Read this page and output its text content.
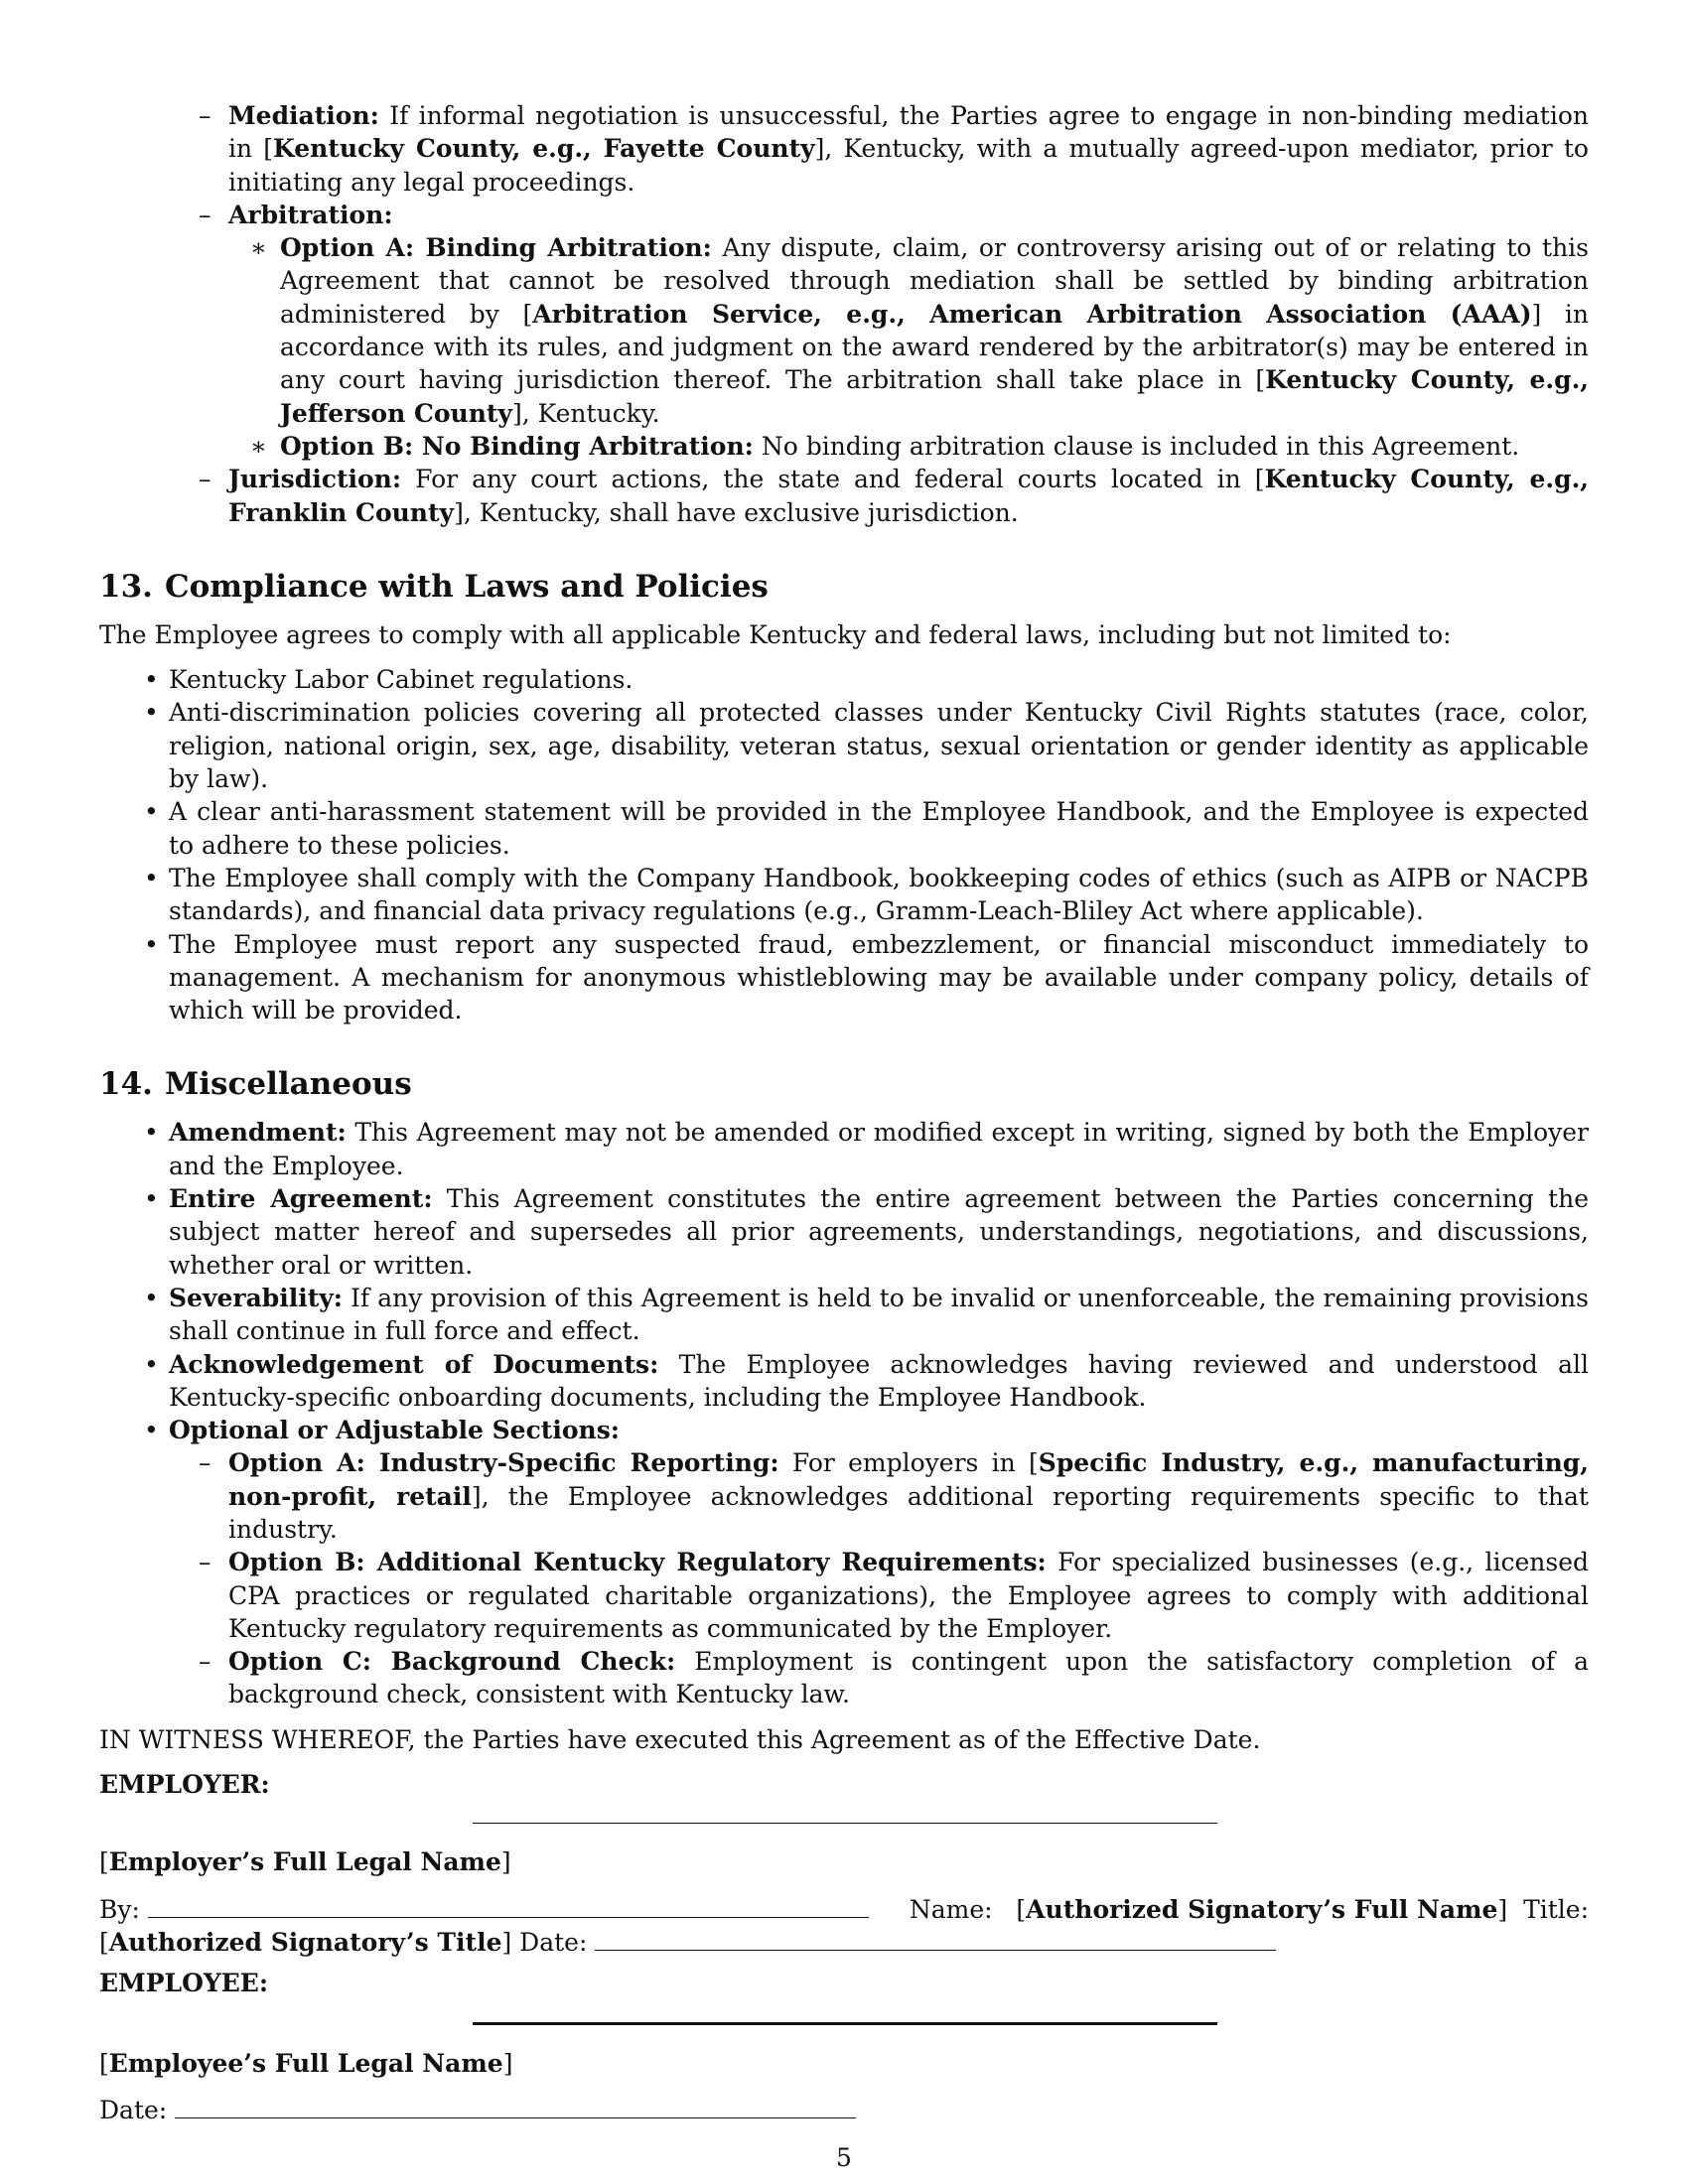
– Mediation: If informal negotiation is unsuccessful, the Parties agree to engage in non-binding mediation in [Kentucky County, e.g., Fayette County], Kentucky, with a mutually agreed-upon mediator, prior to initiating any legal proceedings.
– Arbitration:
∗ Option A: Binding Arbitration: Any dispute, claim, or controversy arising out of or relating to this Agreement that cannot be resolved through mediation shall be settled by binding arbitration administered by [Arbitration Service, e.g., American Arbitration Association (AAA)] in accordance with its rules, and judgment on the award rendered by the arbitrator(s) may be entered in any court having jurisdiction thereof. The arbitration shall take place in [Kentucky County, e.g., Jefferson County], Kentucky.
∗ Option B: No Binding Arbitration: No binding arbitration clause is included in this Agreement.
– Jurisdiction: For any court actions, the state and federal courts located in [Kentucky County, e.g., Franklin County], Kentucky, shall have exclusive jurisdiction.
13. Compliance with Laws and Policies

The Employee agrees to comply with all applicable Kentucky and federal laws, including but not limited to:

• Kentucky Labor Cabinet regulations.
• Anti-discrimination policies covering all protected classes under Kentucky Civil Rights statutes (race, color, religion, national origin, sex, age, disability, veteran status, sexual orientation or gender identity as applicable by law).
• A clear anti-harassment statement will be provided in the Employee Handbook, and the Employee is expected to adhere to these policies.
• The Employee shall comply with the Company Handbook, bookkeeping codes of ethics (such as AIPB or NACPB standards), and financial data privacy regulations (e.g., Gramm-Leach-Bliley Act where applicable).
• The Employee must report any suspected fraud, embezzlement, or financial misconduct immediately to management. A mechanism for anonymous whistleblowing may be available under company policy, details of which will be provided.
14. Miscellaneous
• Amendment: This Agreement may not be amended or modified except in writing, signed by both the Employer and the Employee.
• Entire Agreement: This Agreement constitutes the entire agreement between the Parties concerning the subject matter hereof and supersedes all prior agreements, understandings, negotiations, and discussions, whether oral or written.
• Severability: If any provision of this Agreement is held to be invalid or unenforceable, the remaining provisions shall continue in full force and effect.
• Acknowledgement of Documents: The Employee acknowledges having reviewed and understood all Kentucky-specific onboarding documents, including the Employee Handbook.
• Optional or Adjustable Sections:
– Option A: Industry-Specific Reporting: For employers in [Specific Industry, e.g., manufacturing, non-profit, retail], the Employee acknowledges additional reporting requirements specific to that industry.
– Option B: Additional Kentucky Regulatory Requirements: For specialized businesses (e.g., licensed CPA practices or regulated charitable organizations), the Employee agrees to comply with additional Kentucky regulatory requirements as communicated by the Employer.
– Option C: Background Check: Employment is contingent upon the satisfactory completion of a background check, consistent with Kentucky law.

IN WITNESS WHEREOF, the Parties have executed this Agreement as of the Effective Date.

EMPLOYER:

[Employer’s Full Legal Name]

By:	Name:   [Authorized Signatory’s Full Name]  Title:

[Authorized Signatory’s Title] Date:

EMPLOYEE:

[Employee’s Full Legal Name]

Date:

5
